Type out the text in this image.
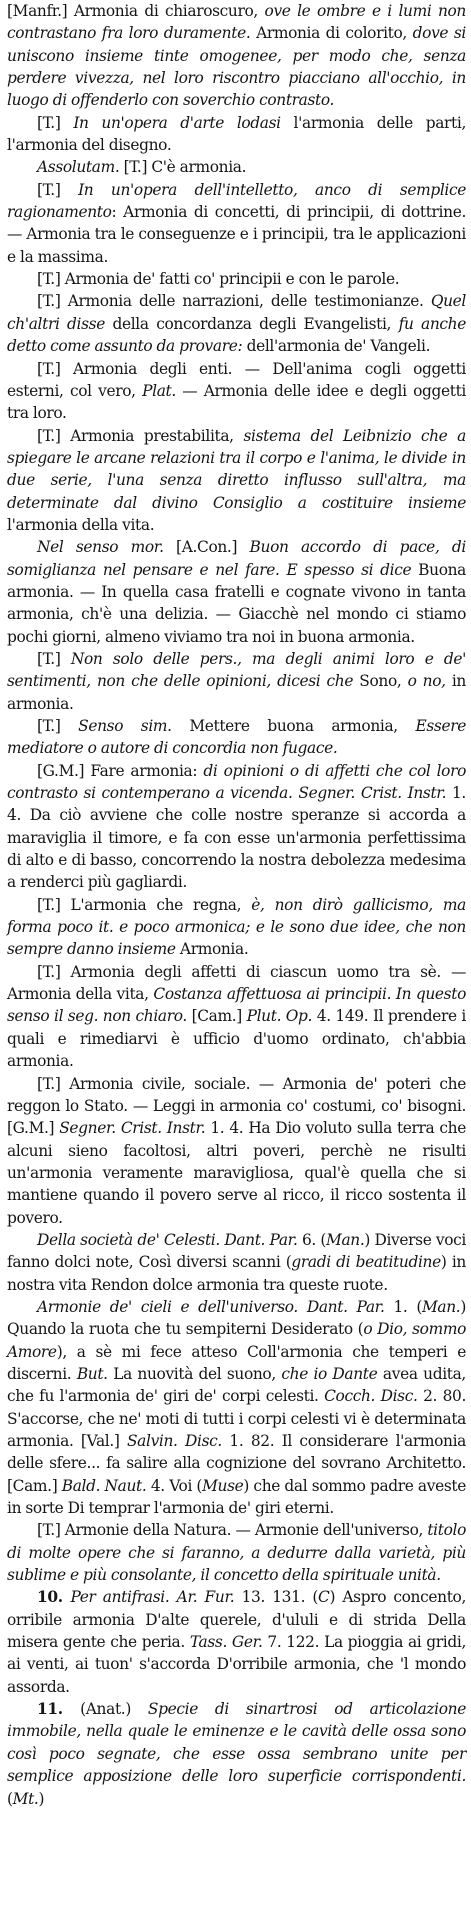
[Manfr.] Armonia di chiaroscuro, ove le ombre e i lumi non contrastano fra loro duramente. Armonia di colorito, dove si uniscono insieme tinte omogenee, per modo che, senza perdere vivezza, nel loro riscontro piacciano all'occhio, in luogo di offenderlo con soverchio contrasto.
[T.] In un'opera d'arte lodasi l'armonia delle parti, l'armonia del disegno.
Assolutam. [T.] C'è armonia.
[T.] In un'opera dell'intelletto, anco di semplice ragionamento: Armonia di concetti, di principii, di dottrine. — Armonia tra le conseguenze e i principii, tra le applicazioni e la massima.
[T.] Armonia de' fatti co' principii e con le parole.
[T.] Armonia delle narrazioni, delle testimonianze. Quel ch'altri disse della concordanza degli Evangelisti, fu anche detto come assunto da provare: dell'armonia de' Vangeli.
[T.] Armonia degli enti. — Dell'anima cogli oggetti esterni, col vero, Plat. — Armonia delle idee e degli oggetti tra loro.
[T.] Armonia prestabilita, sistema del Leibnizio che a spiegare le arcane relazioni tra il corpo e l'anima, le divide in due serie, l'una senza diretto influsso sull'altra, ma determinate dal divino Consiglio a costituire insieme l'armonia della vita.
Nel senso mor. [A.Con.] Buon accordo di pace, di somiglianza nel pensare e nel fare. E spesso si dice Buona armonia. — In quella casa fratelli e cognate vivono in tanta armonia, ch'è una delizia. — Giacchè nel mondo ci stiamo pochi giorni, almeno viviamo tra noi in buona armonia.
[T.] Non solo delle pers., ma degli animi loro e de' sentimenti, non che delle opinioni, dicesi che Sono, o no, in armonia.
[T.] Senso sim. Mettere buona armonia, Essere mediatore o autore di concordia non fugace.
[G.M.] Fare armonia: di opinioni o di affetti che col loro contrasto si contemperano a vicenda. Segner. Crist. Instr. 1. 4. Da ciò avviene che colle nostre speranze si accorda a maraviglia il timore, e fa con esse un'armonia perfettissima di alto e di basso, concorrendo la nostra debolezza medesima a renderci più gagliardi.
[T.] L'armonia che regna, è, non dirò gallicismo, ma forma poco it. e poco armonica; e le sono due idee, che non sempre danno insieme Armonia.
[T.] Armonia degli affetti di ciascun uomo tra sè. — Armonia della vita, Costanza affettuosa ai principii. In questo senso il seg. non chiaro. [Cam.] Plut. Op. 4. 149. Il prendere i quali e rimediarvi è ufficio d'uomo ordinato, ch'abbia armonia.
[T.] Armonia civile, sociale. — Armonia de' poteri che reggon lo Stato. — Leggi in armonia co' costumi, co' bisogni. [G.M.] Segner. Crist. Instr. 1. 4. Ha Dio voluto sulla terra che alcuni sieno facoltosi, altri poveri, perchè ne risulti un'armonia veramente maravigliosa, qual'è quella che si mantiene quando il povero serve al ricco, il ricco sostenta il povero.
Della società de' Celesti. Dant. Par. 6. (Man.) Diverse voci fanno dolci note, Così diversi scanni (gradi di beatitudine) in nostra vita Rendon dolce armonia tra queste ruote.
Armonie de' cieli e dell'universo. Dant. Par. 1. (Man.) Quando la ruota che tu sempiterni Desiderato (o Dio, sommo Amore), a sè mi fece atteso Coll'armonia che temperi e discerni. But. La nuovità del suono, che io Dante avea udita, che fu l'armonia de' giri de' corpi celesti. Cocch. Disc. 2. 80. S'accorse, che ne' moti di tutti i corpi celesti vi è determinata armonia. [Val.] Salvin. Disc. 1. 82. Il considerare l'armonia delle sfere... fa salire alla cognizione del sovrano Architetto. [Cam.] Bald. Naut. 4. Voi (Muse) che dal sommo padre aveste in sorte Di temprar l'armonia de' giri eterni.
[T.] Armonie della Natura. — Armonie dell'universo, titolo di molte opere che si faranno, a dedurre dalla varietà, più sublime e più consolante, il concetto della spirituale unità.
10. Per antifrasi. Ar. Fur. 13. 131. (C) Aspro concento, orribile armonia D'alte querele, d'ululi e di strida Della misera gente che peria. Tass. Ger. 7. 122. La pioggia ai gridi, ai venti, ai tuon' s'accorda D'orribile armonia, che 'l mondo assorda.
11. (Anat.) Specie di sinartrosi od articolazione immobile, nella quale le eminenze e le cavità delle ossa sono così poco segnate, che esse ossa sembrano unite per semplice apposizione delle loro superficie corrispondenti. (Mt.)
